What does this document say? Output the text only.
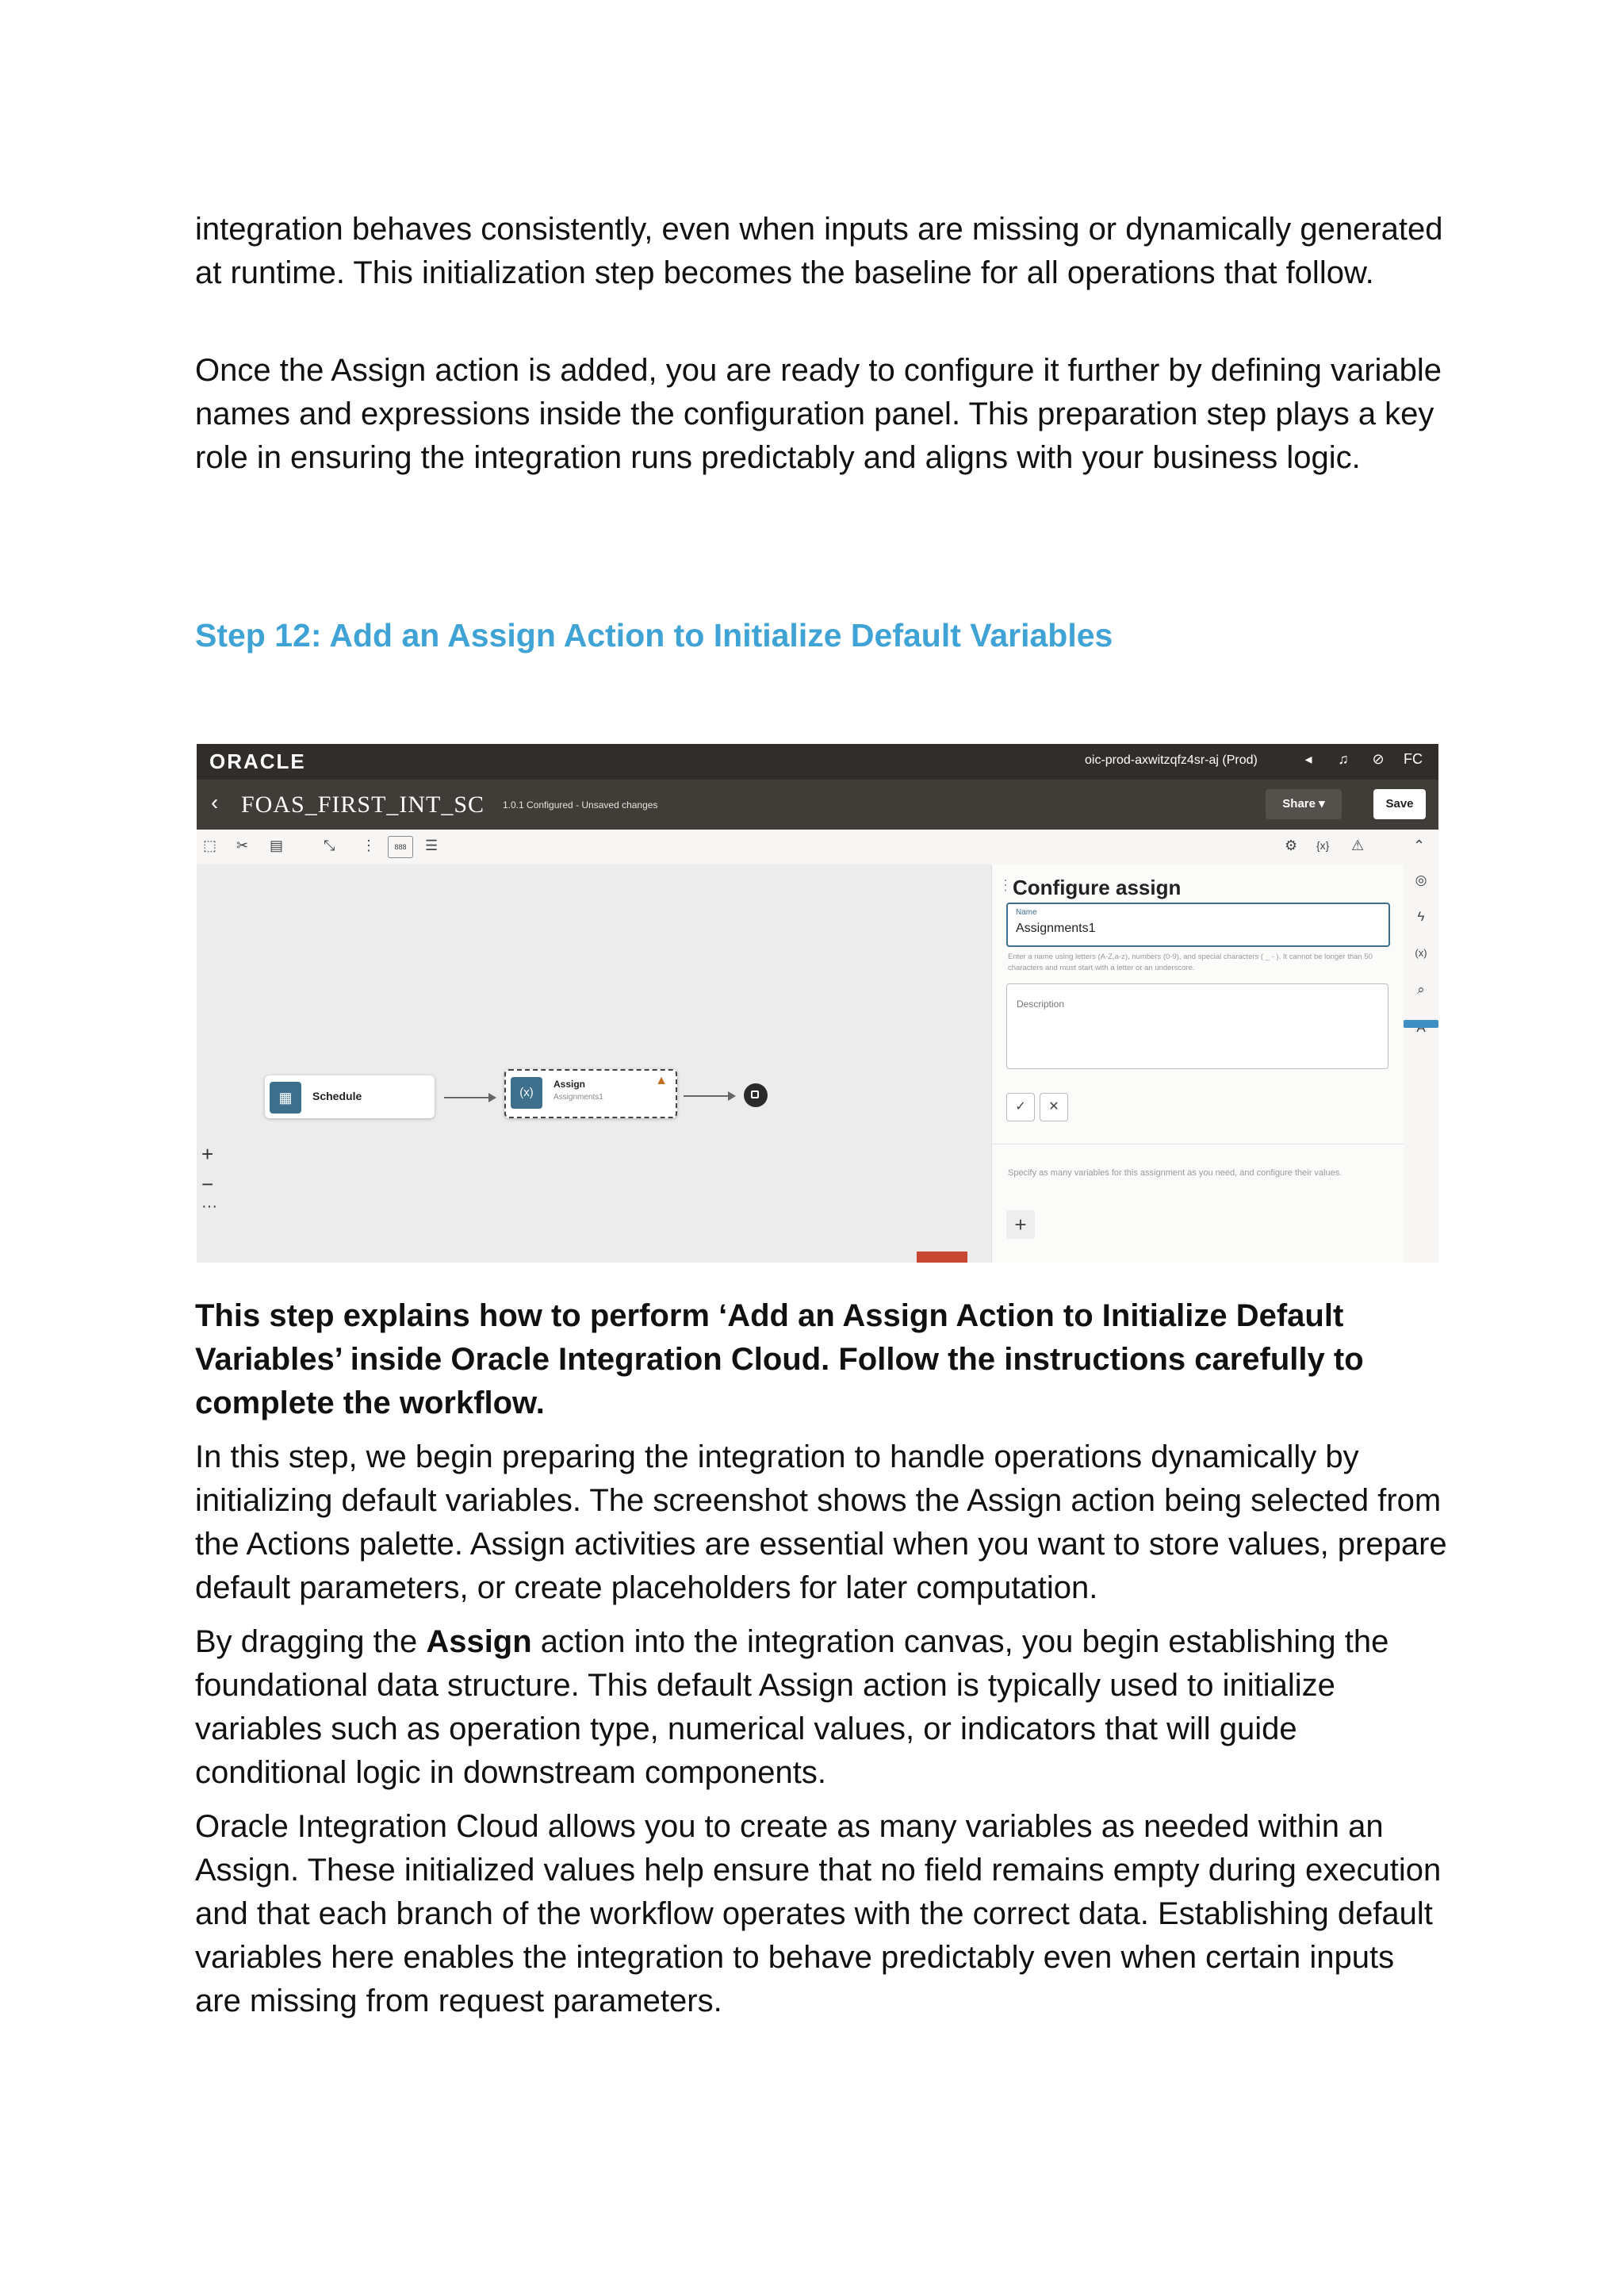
integration behaves consistently, even when inputs are missing or dynamically generated at runtime. This initialization step becomes the baseline for all operations that follow.

Once the Assign action is added, you are ready to configure it further by defining variable names and expressions inside the configuration panel. This preparation step plays a key role in ensuring the integration runs predictably and aligns with your business logic.

Step 12: Add an Assign Action to Initialize Default Variables
ORACLE	oic-prod-axwitzqfz4sr-aj (Prod)	◂ ♫ ⊘ FC
‹ FOAS_FIRST_INT_SC 1.0.1 Configured - Unsaved changes	Share ▾	Save
⬚ ✂ ▤	⤡ ⋮	888	☰	⚙ {x} ⚠	⌃
▦	Schedule	(x)
Assign
Assignments1
▲
+
−
···
⋮ Configure assign
Name
Assignments1
Enter a name using letters (A-Z,a-z), numbers (0-9), and special characters ( _ - ). It cannot be longer than 50 characters and must start with a letter or an underscore.
Description
✓	✕
Specify as many variables for this assignment as you need, and configure their values.
+
◎
ϟ
(x)
⌕

This step explains how to perform ‘Add an Assign Action to Initialize Default Variables’ inside Oracle Integration Cloud. Follow the instructions carefully to complete the workflow.

In this step, we begin preparing the integration to handle operations dynamically by initializing default variables. The screenshot shows the Assign action being selected from the Actions palette. Assign activities are essential when you want to store values, prepare default parameters, or create placeholders for later computation.

By dragging the Assign action into the integration canvas, you begin establishing the foundational data structure. This default Assign action is typically used to initialize variables such as operation type, numerical values, or indicators that will guide conditional logic in downstream components.

Oracle Integration Cloud allows you to create as many variables as needed within an Assign. These initialized values help ensure that no field remains empty during execution and that each branch of the workflow operates with the correct data. Establishing default variables here enables the integration to behave predictably even when certain inputs are missing from request parameters.
